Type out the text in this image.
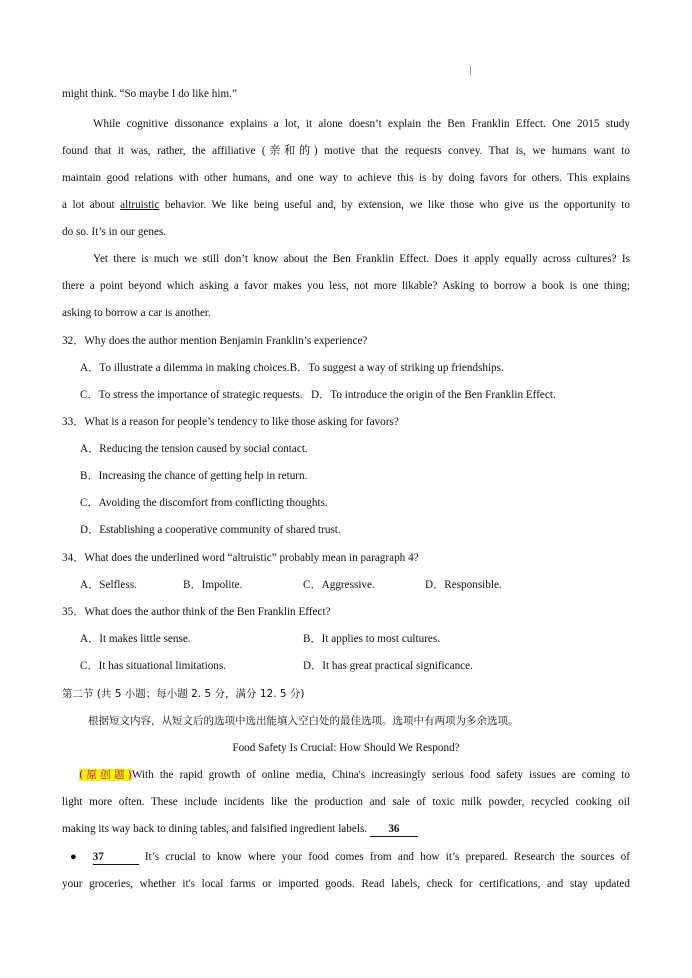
might think. “So maybe I do like him.”
While cognitive dissonance explains a lot, it alone doesn’t explain the Ben Franklin Effect. One 2015 study
found that it was, rather, the affiliative (亲和的) motive that the requests convey. That is, we humans want to
maintain good relations with other humans, and one way to achieve this is by doing favors for others. This explains
a lot about altruistic behavior. We like being useful and, by extension, we like those who give us the opportunity to
do so. It’s in our genes.
Yet there is much we still don’t know about the Ben Franklin Effect. Does it apply equally across cultures? Is
there a point beyond which asking a favor makes you less, not more likable? Asking to borrow a book is one thing;
asking to borrow a car is another.
32．Why does the author mention Benjamin Franklin’s experience?
A．To illustrate a dilemma in making choices.B．To suggest a way of striking up friendships.
C．To stress the importance of strategic requests. D．To introduce the origin of the Ben Franklin Effect.
33．What is a reason for people’s tendency to like those asking for favors?
A．Reducing the tension caused by social contact.
B．Increasing the chance of getting help in return.
C．Avoiding the discomfort from conflicting thoughts.
D．Establishing a cooperative community of shared trust.
34．What does the underlined word “altruistic” probably mean in paragraph 4?
A．Selfless.	B．Impolite.	C．Aggressive.	D．Responsible.
35．What does the author think of the Ben Franklin Effect?
A．It makes little sense.	B．It applies to most cultures.
C．It has situational limitations.	D．It has great practical significance.
第二节 (共 5 小题；每小题 2. 5 分，满分 12. 5 分)
根据短文内容，从短文后的选项中选出能填入空白处的最佳选项。选项中有两项为多余选项。
Food Safety Is Crucial: How Should We Respond?
(原创题)With the rapid growth of online media, China's increasingly serious food safety issues are coming to
light more often. These include incidents like the production and sale of toxic milk powder, recycled cooking oil
making its way back to dining tables, and falsified ingredient labels. 36
● 37	It’s crucial to know where your food comes from and how it’s prepared. Research the sources of
your groceries, whether it's local farms or imported goods. Read labels, check for certifications, and stay updated
